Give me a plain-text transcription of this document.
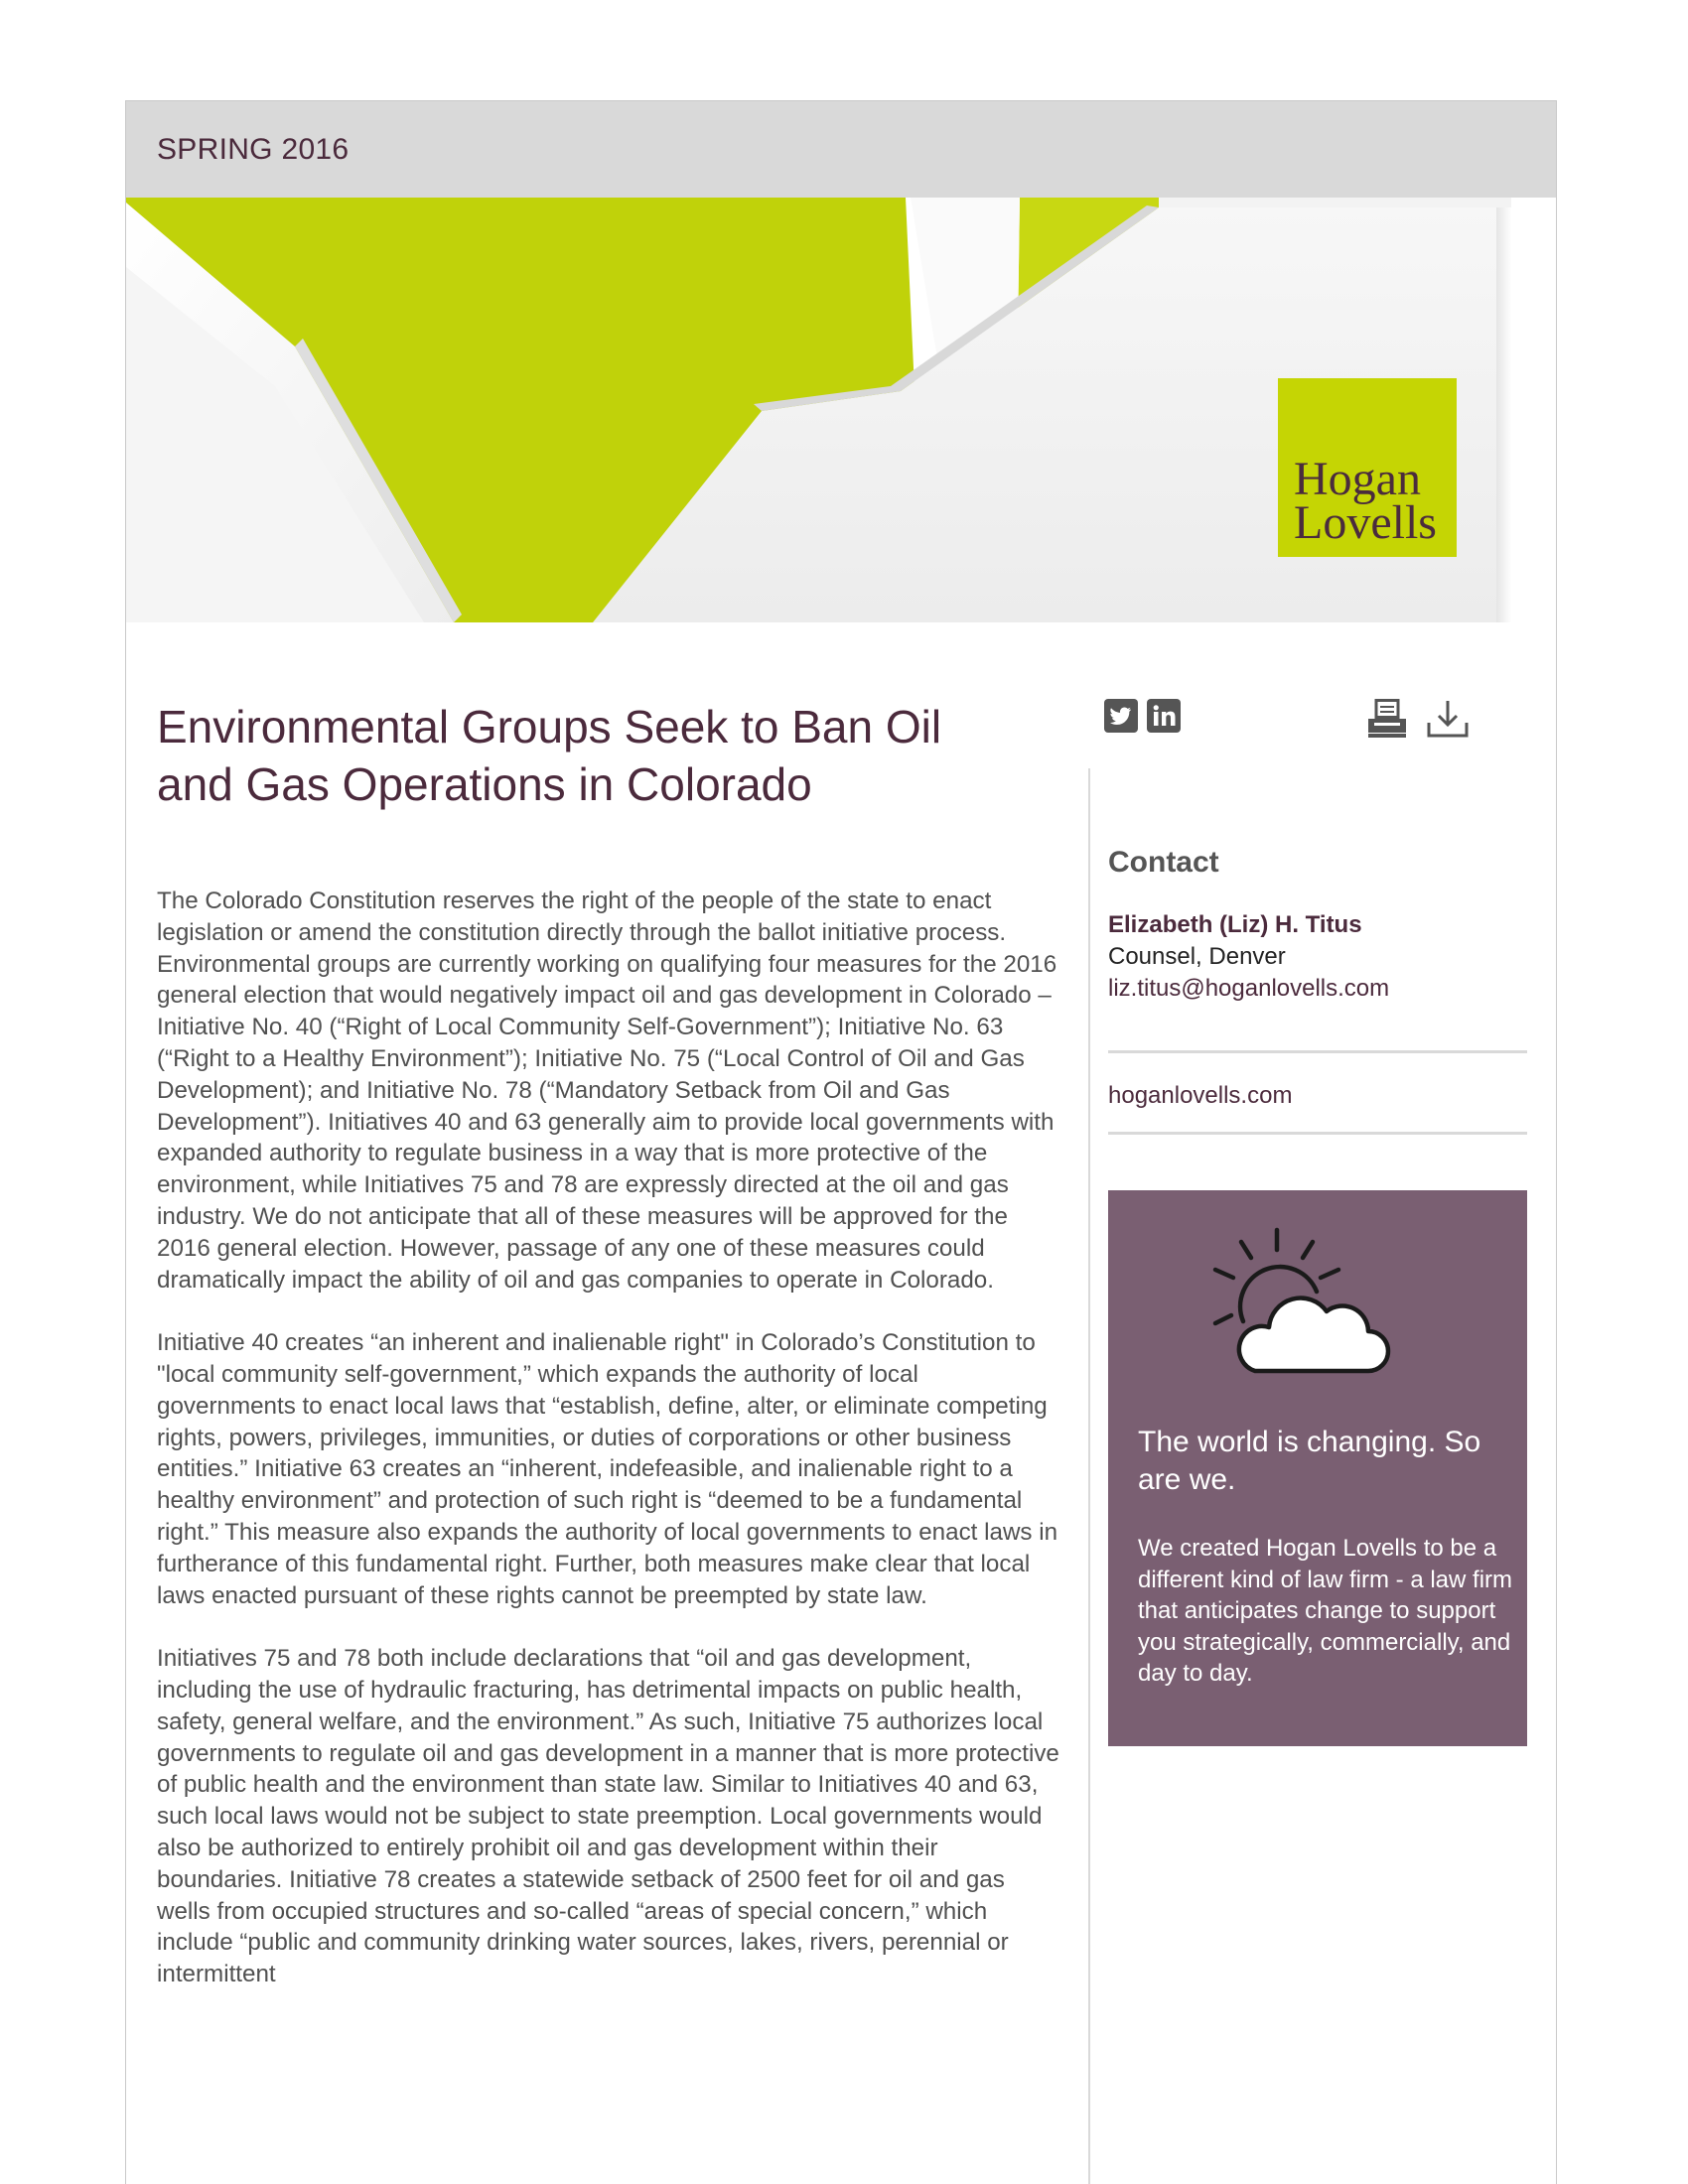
SPRING 2016
Hogan
Lovells
Environmental Groups Seek to Ban Oil
and Gas Operations in Colorado

The Colorado Constitution reserves the right of the people of the state to enact legislation or amend the constitution directly through the ballot initiative process. Environmental groups are currently working on qualifying four measures for the 2016 general election that would negatively impact oil and gas development in Colorado – Initiative No. 40 (“Right of Local Community Self-Government”); Initiative No. 63 (“Right to a Healthy Environment”); Initiative No. 75 (“Local Control of Oil and Gas Development); and Initiative No. 78 (“Mandatory Setback from Oil and Gas Development”). Initiatives 40 and 63 generally aim to provide local governments with expanded authority to regulate business in a way that is more protective of the environment, while Initiatives 75 and 78 are expressly directed at the oil and gas industry. We do not anticipate that all of these measures will be approved for the 2016 general election. However, passage of any one of these measures could dramatically impact the ability of oil and gas companies to operate in Colorado.

Initiative 40 creates “an inherent and inalienable right" in Colorado’s Constitution to "local community self-government,” which expands the authority of local governments to enact local laws that “establish, define, alter, or eliminate competing rights, powers, privileges, immunities, or duties of corporations or other business entities.” Initiative 63 creates an “inherent, indefeasible, and inalienable right to a healthy environment” and protection of such right is “deemed to be a fundamental right.” This measure also expands the authority of local governments to enact laws in furtherance of this fundamental right. Further, both measures make clear that local laws enacted pursuant of these rights cannot be preempted by state law.

Initiatives 75 and 78 both include declarations that “oil and gas development, including the use of hydraulic fracturing, has detrimental impacts on public health, safety, general welfare, and the environment.” As such, Initiative 75 authorizes local governments to regulate oil and gas development in a manner that is more protective of public health and the environment than state law. Similar to Initiatives 40 and 63, such local laws would not be subject to state preemption. Local governments would also be authorized to entirely prohibit oil and gas development within their boundaries. Initiative 78 creates a statewide setback of 2500 feet for oil and gas wells from occupied structures and so-called “areas of special concern,” which include “public and community drinking water sources, lakes, rivers, perennial or intermittent

Contact
Elizabeth (Liz) H. Titus
Counsel, Denver
liz.titus@hoganlovells.com
hoganlovells.com
The world is changing. So are we.
We created Hogan Lovells to be a different kind of law firm - a law firm that anticipates change to support you strategically, commercially, and day to day.
